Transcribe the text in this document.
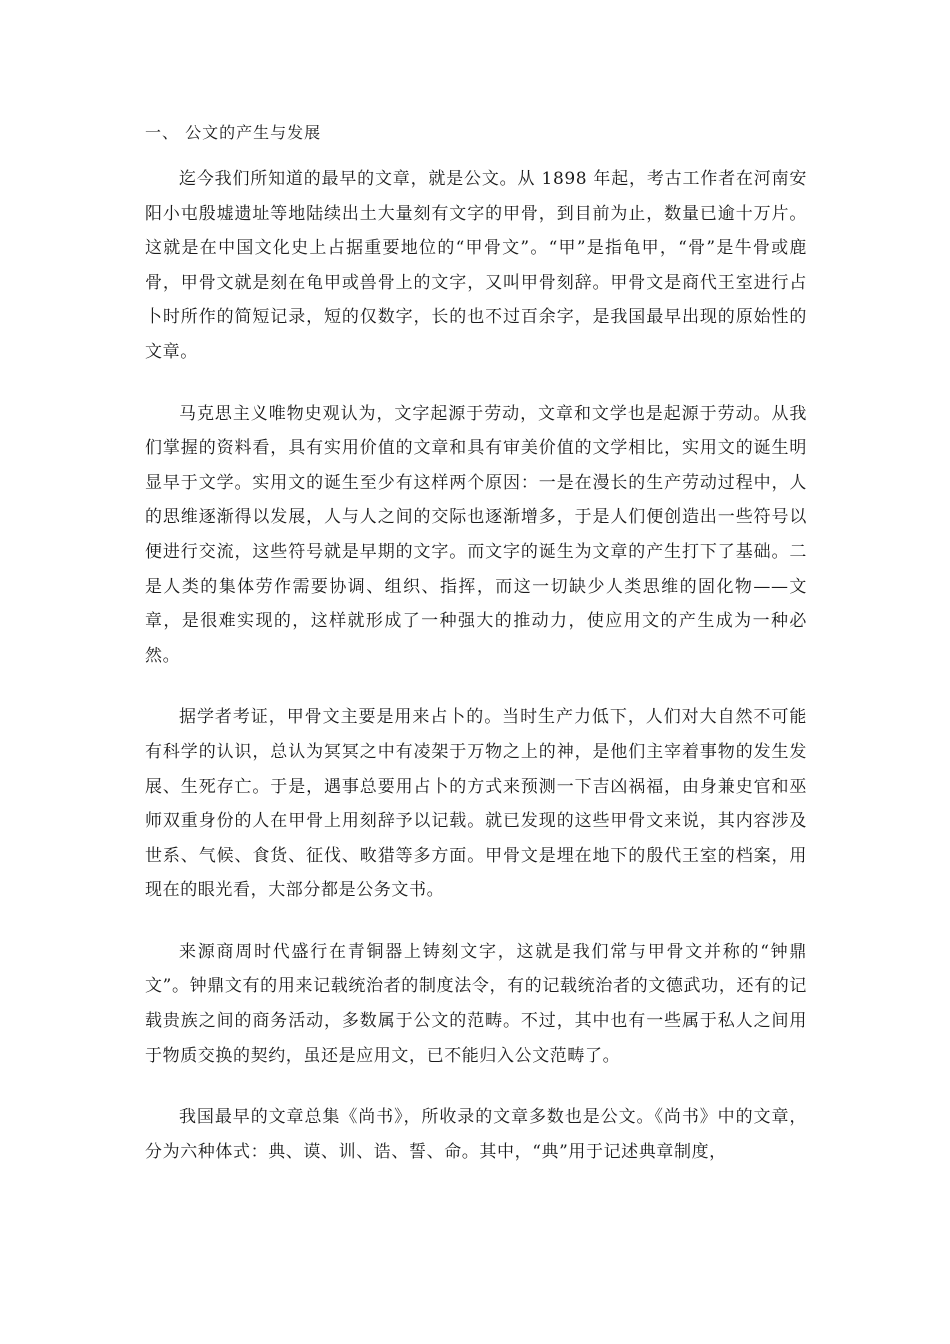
一、 公文的产生与发展

迄今我们所知道的最早的文章，就是公文。从 1898 年起，考古工作者在河南安阳小屯殷墟遗址等地陆续出土大量刻有文字的甲骨，到目前为止，数量已逾十万片。这就是在中国文化史上占据重要地位的“甲骨文”。“甲”是指龟甲，“骨”是牛骨或鹿骨，甲骨文就是刻在龟甲或兽骨上的文字，又叫甲骨刻辞。甲骨文是商代王室进行占卜时所作的简短记录，短的仅数字，长的也不过百余字，是我国最早出现的原始性的文章。

马克思主义唯物史观认为，文字起源于劳动，文章和文学也是起源于劳动。从我们掌握的资料看，具有实用价值的文章和具有审美价值的文学相比，实用文的诞生明显早于文学。实用文的诞生至少有这样两个原因：一是在漫长的生产劳动过程中，人的思维逐渐得以发展，人与人之间的交际也逐渐增多，于是人们便创造出一些符号以便进行交流，这些符号就是早期的文字。而文字的诞生为文章的产生打下了基础。二是人类的集体劳作需要协调、组织、指挥，而这一切缺少人类思维的固化物——文章，是很难实现的，这样就形成了一种强大的推动力，使应用文的产生成为一种必然。

据学者考证，甲骨文主要是用来占卜的。当时生产力低下，人们对大自然不可能有科学的认识，总认为冥冥之中有凌架于万物之上的神，是他们主宰着事物的发生发展、生死存亡。于是，遇事总要用占卜的方式来预测一下吉凶祸福，由身兼史官和巫师双重身份的人在甲骨上用刻辞予以记载。就已发现的这些甲骨文来说，其内容涉及世系、气候、食货、征伐、畋猎等多方面。甲骨文是埋在地下的殷代王室的档案，用现在的眼光看，大部分都是公务文书。

来源商周时代盛行在青铜器上铸刻文字，这就是我们常与甲骨文并称的“钟鼎文”。钟鼎文有的用来记载统治者的制度法令，有的记载统治者的文德武功，还有的记载贵族之间的商务活动，多数属于公文的范畴。不过，其中也有一些属于私人之间用于物质交换的契约，虽还是应用文，已不能归入公文范畴了。

我国最早的文章总集《尚书》，所收录的文章多数也是公文。《尚书》中的文章，分为六种体式：典、谟、训、诰、誓、命。其中，“典”用于记述典章制度，
